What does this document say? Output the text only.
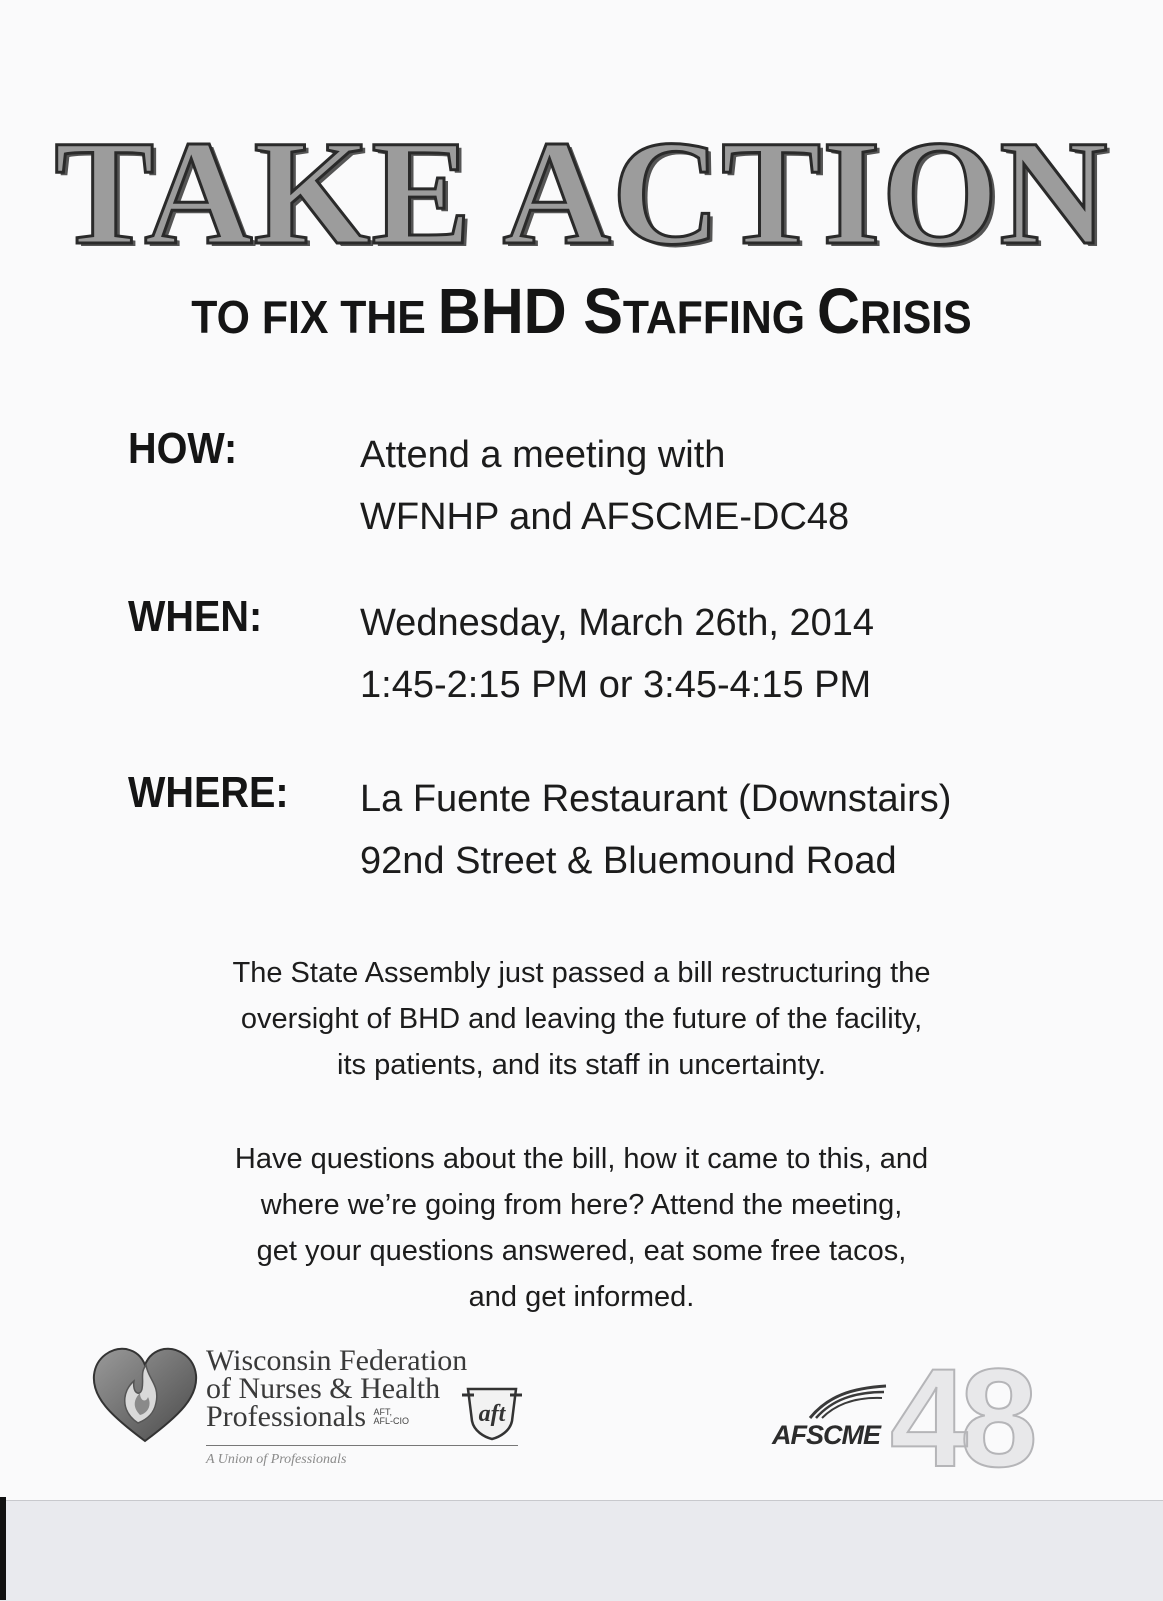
TAKE ACTION
TO FIX THE BHD STAFFING CRISIS
HOW:	Attend a meeting with
WFNHP and AFSCME-DC48
WHEN:	Wednesday, March 26th, 2014
1:45-2:15 PM or 3:45-4:15 PM
WHERE: La Fuente Restaurant (Downstairs)
92nd Street & Bluemound Road
The State Assembly just passed a bill restructuring the
oversight of BHD and leaving the future of the facility,
its patients, and its staff in uncertainty.
Have questions about the bill, how it came to this, and
where we’re going from here? Attend the meeting,
get your questions answered, eat some free tacos,
and get informed.
Wisconsin Federation
of Nurses & Health
Professionals AFT,
AFL-CIO
A Union of Professionals
aft	48
AFSCME
